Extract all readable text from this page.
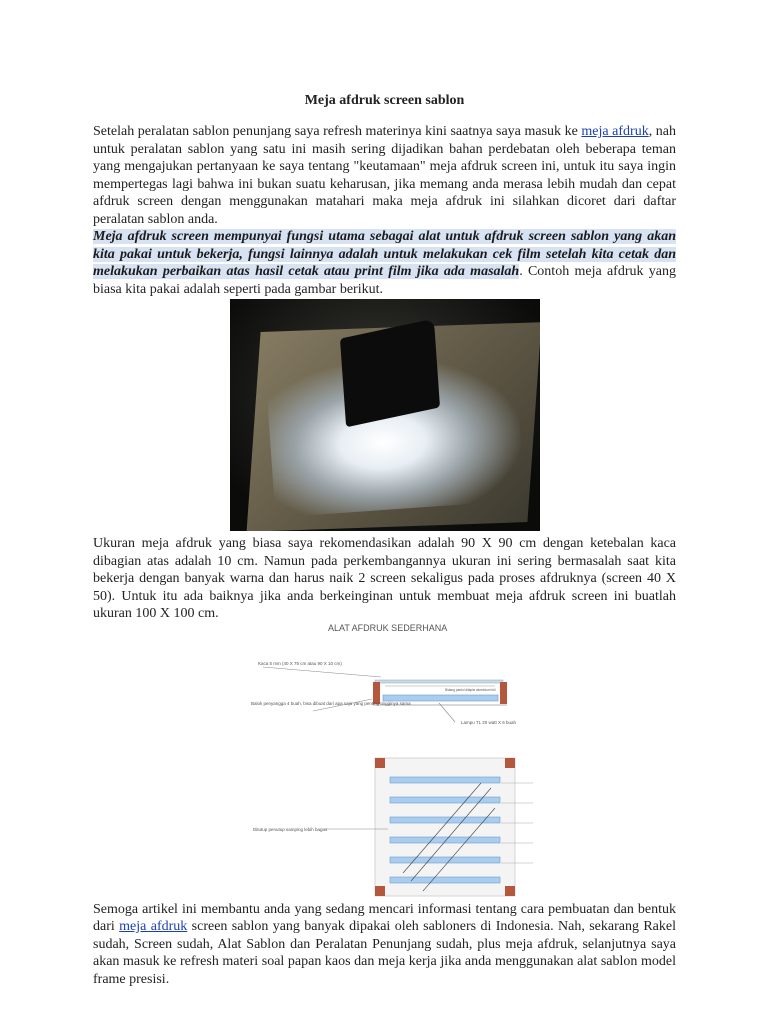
Meja afdruk screen sablon

Setelah peralatan sablon penunjang saya refresh materinya kini saatnya saya masuk ke meja afdruk, nah untuk peralatan sablon yang satu ini masih sering dijadikan bahan perdebatan oleh beberapa teman yang mengajukan pertanyaan ke saya tentang "keutamaan" meja afdruk screen ini, untuk itu saya ingin mempertegas lagi bahwa ini bukan suatu keharusan, jika memang anda merasa lebih mudah dan cepat afdruk screen dengan menggunakan matahari maka meja afdruk ini silahkan dicoret dari daftar peralatan sablon anda.

Meja afdruk screen mempunyai fungsi utama sebagai alat untuk afdruk screen sablon yang akan kita pakai untuk bekerja, fungsi lainnya adalah untuk melakukan cek film setelah kita cetak dan melakukan perbaikan atas hasil cetak atau print film jika ada masalah. Contoh meja afdruk yang biasa kita pakai adalah seperti pada gambar berikut.

Ukuran meja afdruk yang biasa saya rekomendasikan adalah 90 X 90 cm dengan ketebalan kaca dibagian atas adalah 10 cm. Namun pada perkembangannya ukuran ini sering bermasalah saat kita bekerja dengan banyak warna dan harus naik 2 screen sekaligus pada proses afdruknya (screen 40 X 50). Untuk itu ada baiknya jika anda berkeinginan untuk membuat meja afdruk screen ini buatlah ukuran 100 X 100 cm.

ALAT AFDRUK SEDERHANA
Kaca 5 mm (40 X 75 cm atau 90 X 10 cm)
Bidang pantul dilapisi aluminium foil
Balok penyangga 4 buah, bisa dibuat dari apa saja yang penting tingginya sama
Lampu TL 20 watt X 6 buah
Ditutup penutup samping lebih bagus

Semoga artikel ini membantu anda yang sedang mencari informasi tentang cara pembuatan dan bentuk dari meja afdruk screen sablon yang banyak dipakai oleh sabloners di Indonesia. Nah, sekarang Rakel sudah, Screen sudah, Alat Sablon dan Peralatan Penunjang sudah, plus meja afdruk, selanjutnya saya akan masuk ke refresh materi soal papan kaos dan meja kerja jika anda menggunakan alat sablon model frame presisi.
